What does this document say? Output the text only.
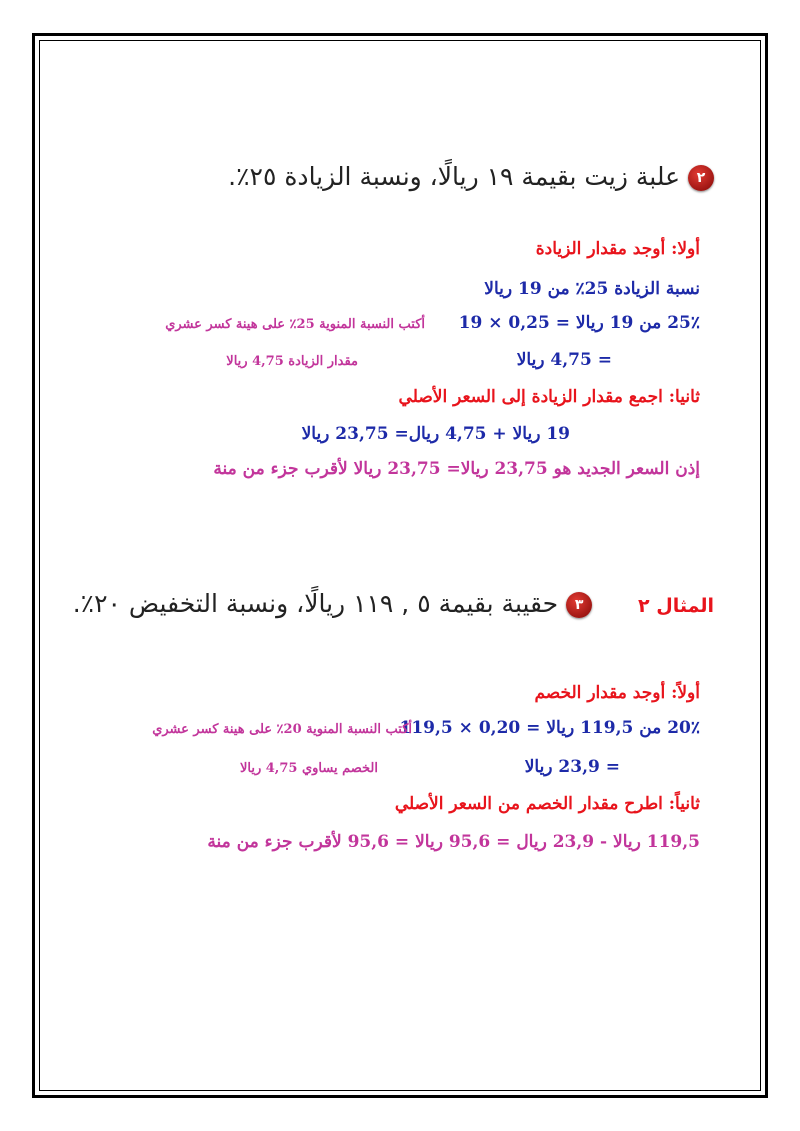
٢ علبة زيت بقيمة ١٩ ريالًا، ونسبة الزيادة ٢٥٪.
أولا: أوجد مقدار الزيادة
نسبة الزيادة 25٪ من 19 ريالا
25٪ من 19 ريالا = 0,25 × 19
أكتب النسبة المنوية 25٪ على هينة كسر عشري
= 4,75 ريالا
مقدار الزيادة 4,75 ريالا
ثانيا: اجمع مقدار الزيادة إلى السعر الأصلي
19 ريالا + 4,75 ريال= 23,75 ريالا
إذن السعر الجديد هو 23,75 ريالا= 23,75 ريالا لأقرب جزء من منة
المثال ٢  ٣ حقيبة بقيمة ٥ , ١١٩ ريالًا، ونسبة التخفيض ٢٠٪.
أولاً: أوجد مقدار الخصم
20٪ من 119,5 ريالا = 0,20 × 119,5
أكتب النسبة المنوية 20٪ على هينة كسر عشري
= 23,9 ريالا
الخصم يساوي 4,75 ريالا
ثانياً: اطرح مقدار الخصم من السعر الأصلي
119,5 ريالا - 23,9 ريال = 95,6 ريالا = 95,6 لأقرب جزء من منة
